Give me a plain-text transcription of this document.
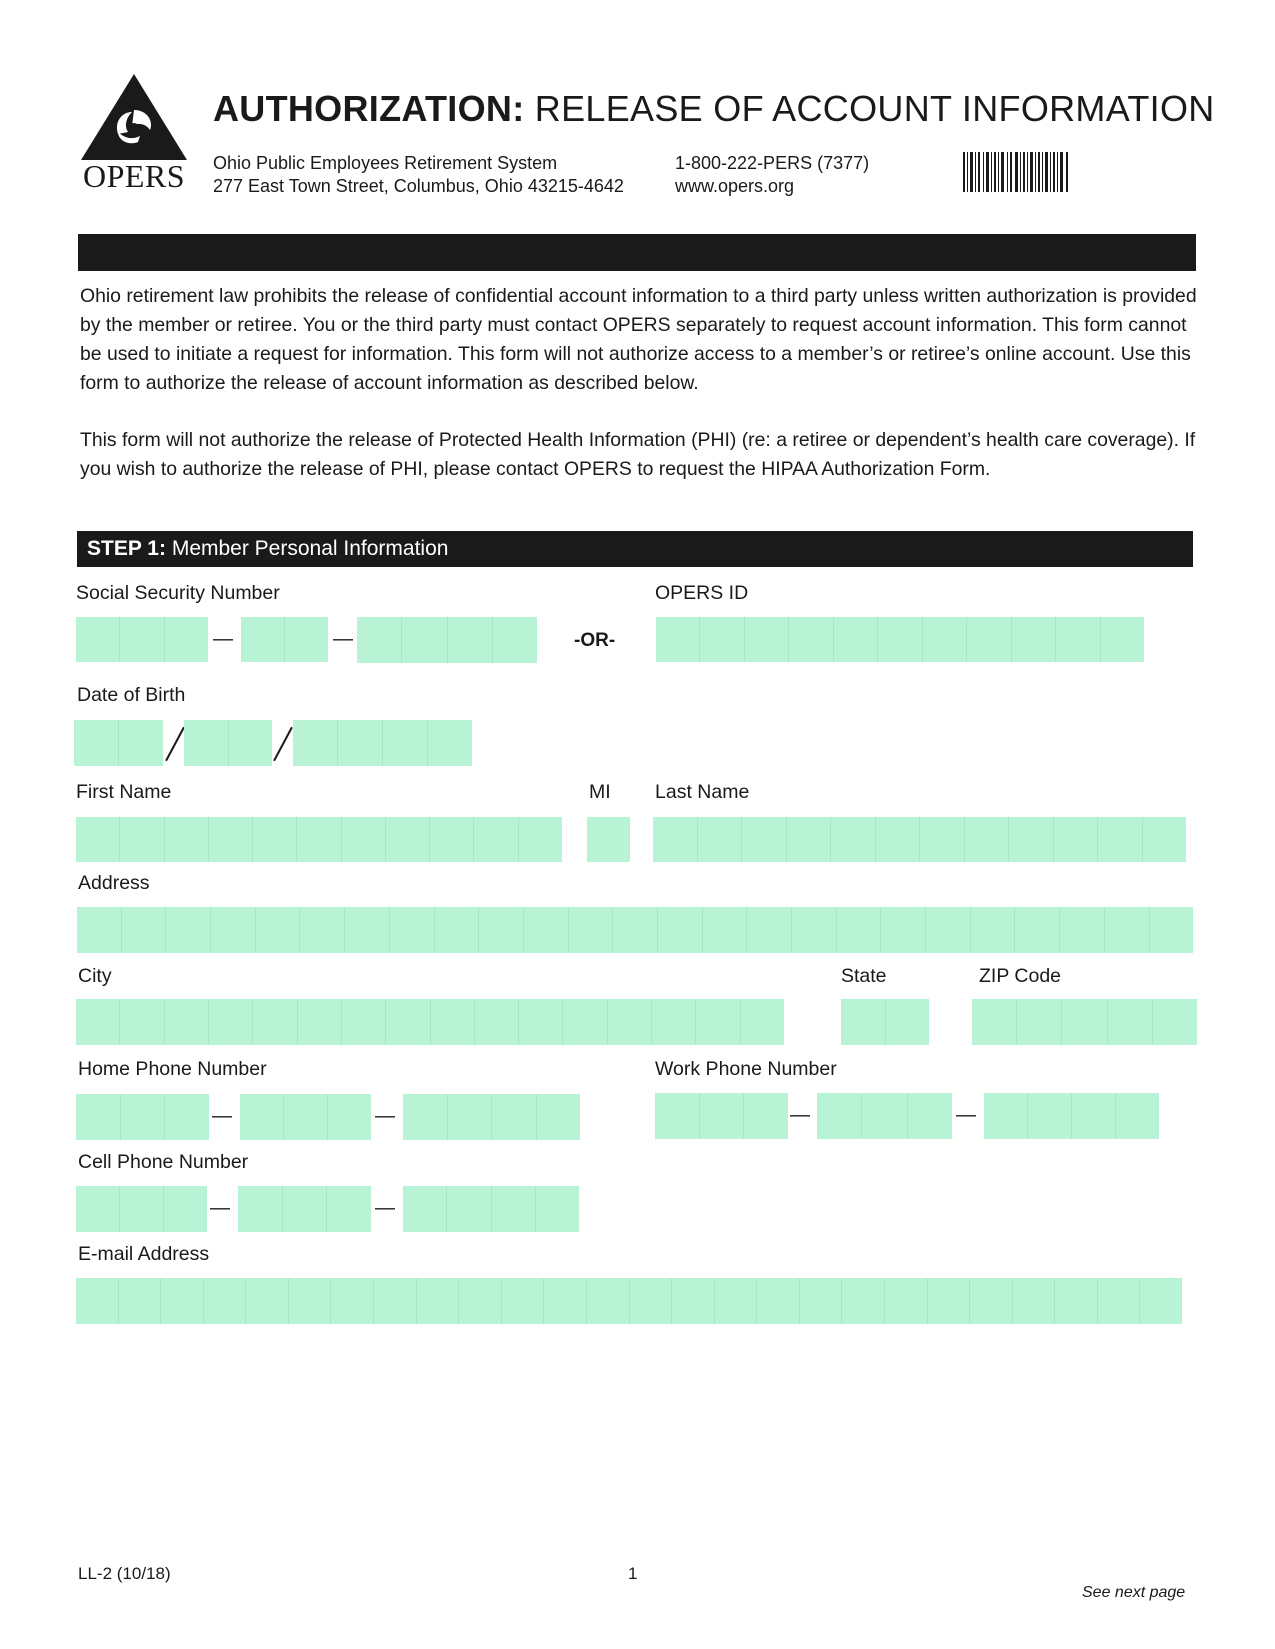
OPERS
AUTHORIZATION: RELEASE OF ACCOUNT INFORMATION
Ohio Public Employees Retirement System
277 East Town Street, Columbus, Ohio 43215-4642
1-800-222-PERS (7377)
www.opers.org
Ohio retirement law prohibits the release of confidential account information to a third party unless written authorization is provided by the member or retiree. You or the third party must contact OPERS separately to request account information. This form cannot be used to initiate a request for information. This form will not authorize access to a member’s or retiree’s online account. Use this form to authorize the release of account information as described below.
This form will not authorize the release of Protected Health Information (PHI) (re: a retiree or dependent’s health care coverage). If you wish to authorize the release of PHI, please contact OPERS to request the HIPAA Authorization Form.
STEP 1: Member Personal Information
Social Security Number	OPERS ID
—	—	-OR-
Date of Birth
First Name	MI Last Name
Address
City	State	ZIP Code
Home Phone Number	Work Phone Number
—	—	—	—
Cell Phone Number
—	—
E-mail Address
LL-2 (10/18)	1
See next page
